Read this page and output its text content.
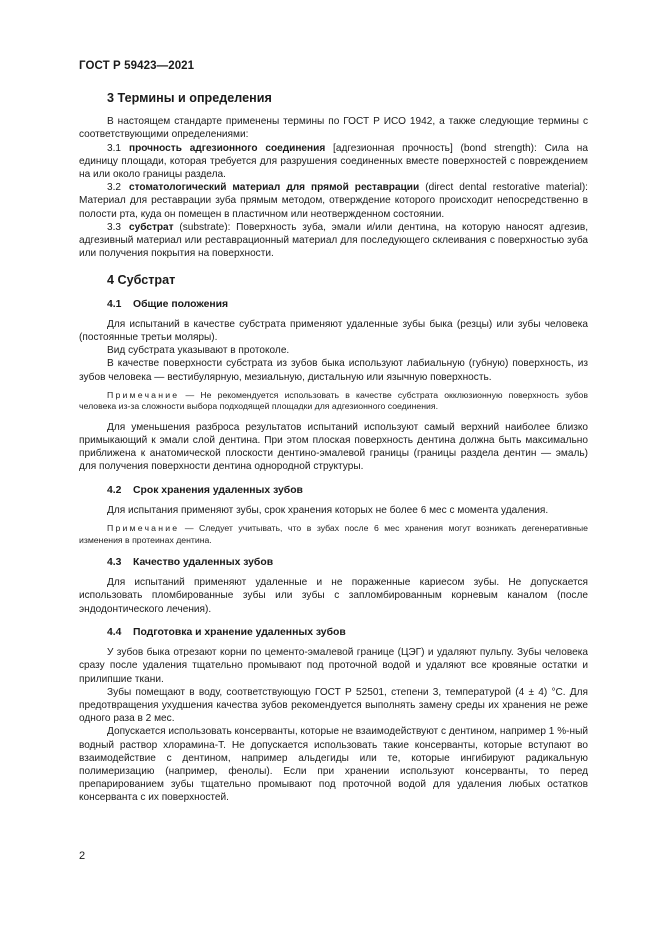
ГОСТ Р 59423—2021
3 Термины и определения

В настоящем стандарте применены термины по ГОСТ Р ИСО 1942, а также следующие термины с соответствующими определениями:

3.1 прочность адгезионного соединения [адгезионная прочность] (bond strength): Сила на единицу площади, которая требуется для разрушения соединенных вместе поверхностей с повреждением на или около границы раздела.

3.2 стоматологический материал для прямой реставрации (direct dental restorative material): Материал для реставрации зуба прямым методом, отверждение которого происходит непосредственно в полости рта, куда он помещен в пластичном или неотвержденном состоянии.

3.3 субстрат (substrate): Поверхность зуба, эмали и/или дентина, на которую наносят адгезив, адгезивный материал или реставрационный материал для последующего склеивания с поверхностью зуба или получения покрытия на поверхности.

4 Субстрат
4.1 Общие положения

Для испытаний в качестве субстрата применяют удаленные зубы быка (резцы) или зубы человека (постоянные третьи моляры).

Вид субстрата указывают в протоколе.

В качестве поверхности субстрата из зубов быка используют лабиальную (губную) поверхность, из зубов человека — вестибулярную, мезиальную, дистальную или язычную поверхность.

Примечание — Не рекомендуется использовать в качестве субстрата окклюзионную поверхность зубов человека из-за сложности выбора подходящей площадки для адгезионного соединения.

Для уменьшения разброса результатов испытаний используют самый верхний наиболее близко примыкающий к эмали слой дентина. При этом плоская поверхность дентина должна быть максимально приближена к анатомической плоскости дентино-эмалевой границы (границы раздела дентин — эмаль) для получения поверхности дентина однородной структуры.

4.2 Срок хранения удаленных зубов

Для испытания применяют зубы, срок хранения которых не более 6 мес с момента удаления.

Примечание — Следует учитывать, что в зубах после 6 мес хранения могут возникать дегенеративные изменения в протеинах дентина.

4.3 Качество удаленных зубов

Для испытаний применяют удаленные и не пораженные кариесом зубы. Не допускается использовать пломбированные зубы или зубы с запломбированным корневым каналом (после эндодонтического лечения).

4.4 Подготовка и хранение удаленных зубов

У зубов быка отрезают корни по цементо-эмалевой границе (ЦЭГ) и удаляют пульпу. Зубы человека сразу после удаления тщательно промывают под проточной водой и удаляют все кровяные остатки и прилипшие ткани.

Зубы помещают в воду, соответствующую ГОСТ Р 52501, степени 3, температурой (4 ± 4) °С. Для предотвращения ухудшения качества зубов рекомендуется выполнять замену среды их хранения не реже одного раза в 2 мес.

Допускается использовать консерванты, которые не взаимодействуют с дентином, например 1 %-ный водный раствор хлорамина-Т. Не допускается использовать такие консерванты, которые вступают во взаимодействие с дентином, например альдегиды или те, которые ингибируют радикальную полимеризацию (например, фенолы). Если при хранении используют консерванты, то перед препарированием зубы тщательно промывают под проточной водой для удаления любых остатков консерванта с их поверхностей.

2
